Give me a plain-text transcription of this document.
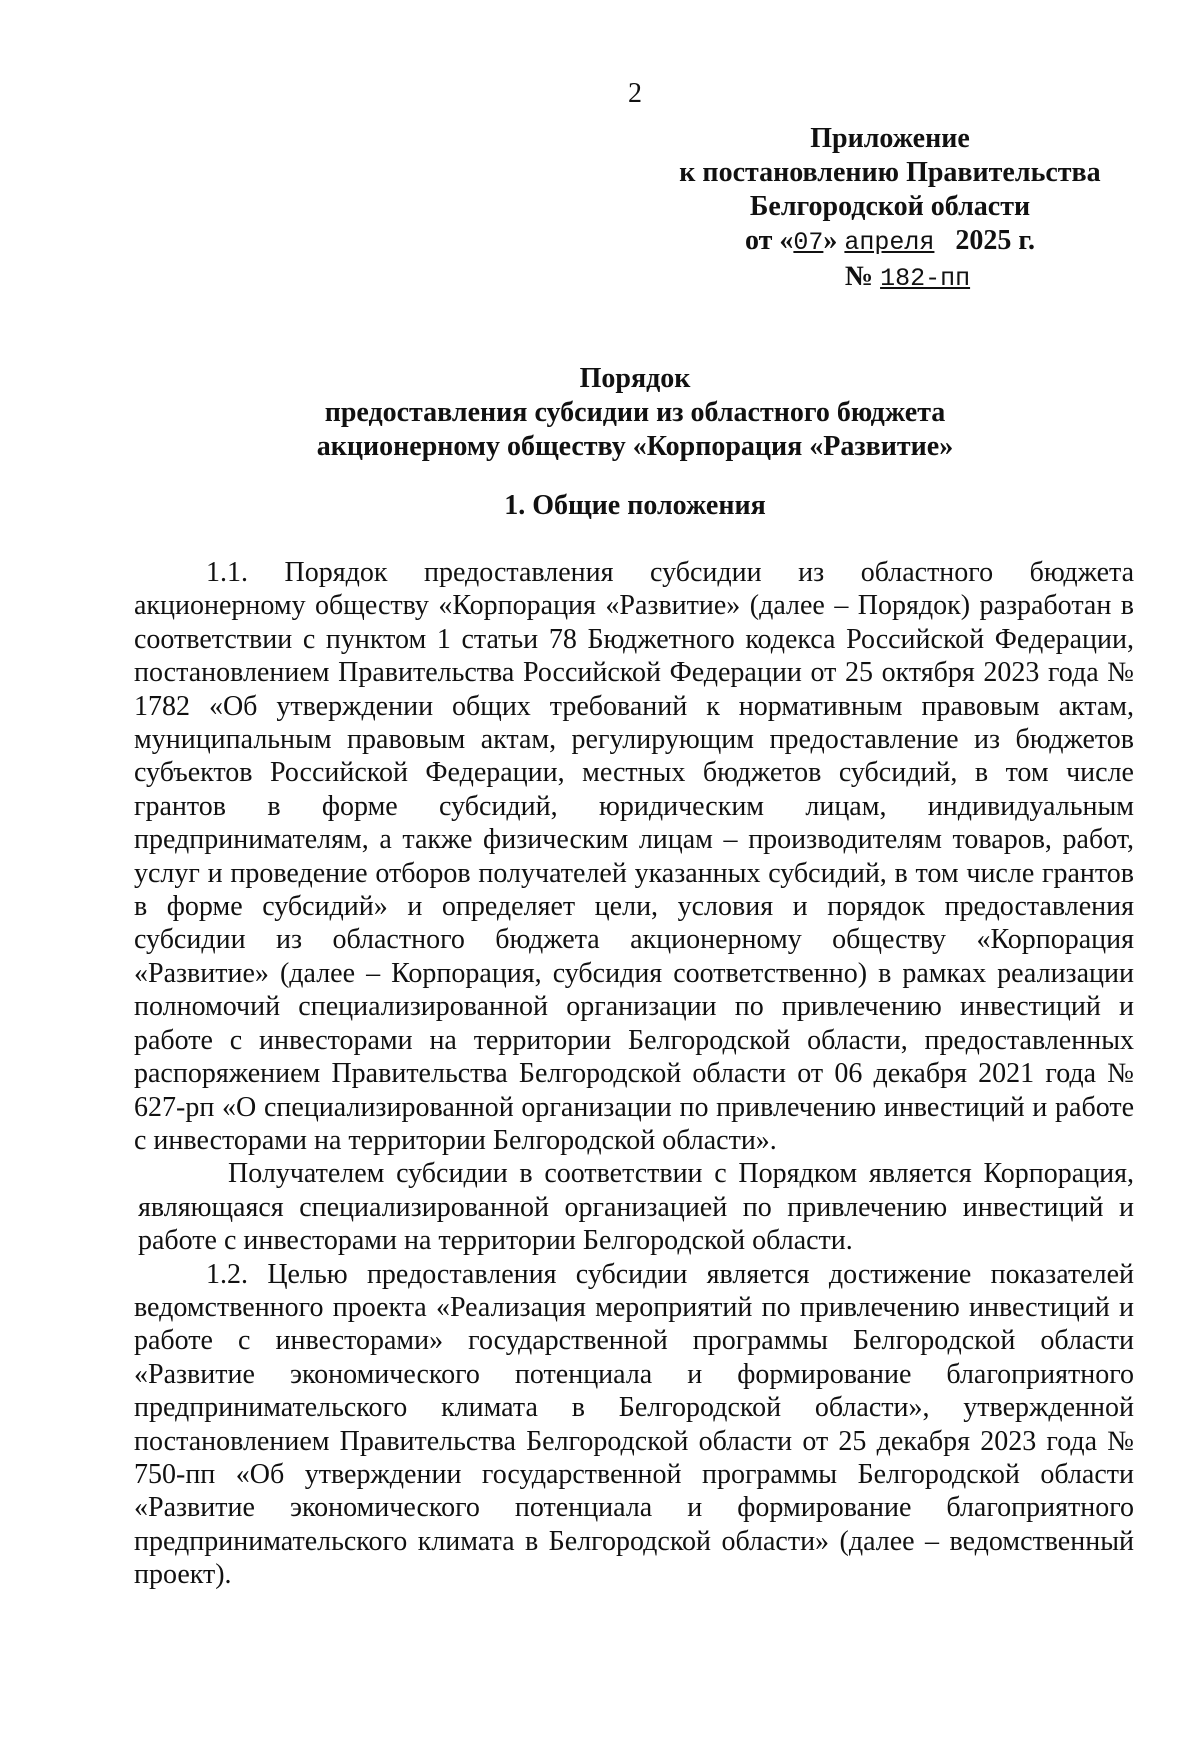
2
Приложение
к постановлению Правительства
Белгородской области
от «07» апреля 2025 г.
№ 182-пп
Порядок
предоставления субсидии из областного бюджета
акционерному обществу «Корпорация «Развитие»
1. Общие положения

1.1. Порядок предоставления субсидии из областного бюджета акционерному обществу «Корпорация «Развитие» (далее – Порядок) разработан в соответствии с пунктом 1 статьи 78 Бюджетного кодекса Российской Федерации, постановлением Правительства Российской Федерации от 25 октября 2023 года № 1782 «Об утверждении общих требований к нормативным правовым актам, муниципальным правовым актам, регулирующим предоставление из бюджетов субъектов Российской Федерации, местных бюджетов субсидий, в том числе грантов в форме субсидий, юридическим лицам, индивидуальным предпринимателям, а также физическим лицам – производителям товаров, работ, услуг и проведение отборов получателей указанных субсидий, в том числе грантов в форме субсидий» и определяет цели, условия и порядок предоставления субсидии из областного бюджета акционерному обществу «Корпорация «Развитие» (далее – Корпорация, субсидия соответственно) в рамках реализации полномочий специализированной организации по привлечению инвестиций и работе с инвесторами на территории Белгородской области, предоставленных распоряжением Правительства Белгородской области от 06 декабря 2021 года № 627-рп «О специализированной организации по привлечению инвестиций и работе с инвесторами на территории Белгородской области».

Получателем субсидии в соответствии с Порядком является Корпорация, являющаяся специализированной организацией по привлечению инвестиций и работе с инвесторами на территории Белгородской области.

1.2. Целью предоставления субсидии является достижение показателей ведомственного проекта «Реализация мероприятий по привлечению инвестиций и работе с инвесторами» государственной программы Белгородской области «Развитие экономического потенциала и формирование благоприятного предпринимательского климата в Белгородской области», утвержденной постановлением Правительства Белгородской области от 25 декабря 2023 года № 750-пп «Об утверждении государственной программы Белгородской области «Развитие экономического потенциала и формирование благоприятного предпринимательского климата в Белгородской области» (далее – ведомственный проект).
